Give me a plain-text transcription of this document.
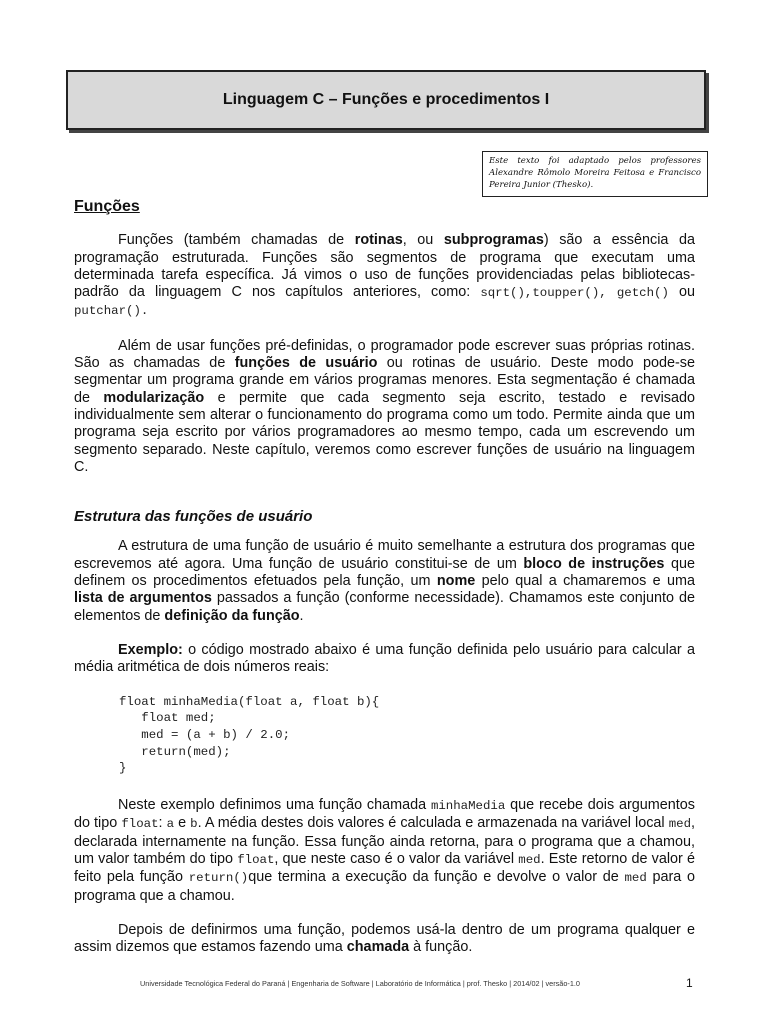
Linguagem C – Funções e procedimentos I
Este texto foi adaptado pelos professores Alexandre Rômolo Moreira Feitosa e Francisco Pereira Junior (Thesko).
Funções

Funções (também chamadas de rotinas, ou subprogramas) são a essência da programação estruturada. Funções são segmentos de programa que executam uma determinada tarefa específica. Já vimos o uso de funções providenciadas pelas bibliotecas-padrão da linguagem C nos capítulos anteriores, como: sqrt(),toupper(), getch() ou putchar().

Além de usar funções pré-definidas, o programador pode escrever suas próprias rotinas. São as chamadas de funções de usuário ou rotinas de usuário. Deste modo pode-se segmentar um programa grande em vários programas menores. Esta segmentação é chamada de modularização e permite que cada segmento seja escrito, testado e revisado individualmente sem alterar o funcionamento do programa como um todo. Permite ainda que um programa seja escrito por vários programadores ao mesmo tempo, cada um escrevendo um segmento separado. Neste capítulo, veremos como escrever funções de usuário na linguagem C.

Estrutura das funções de usuário

A estrutura de uma função de usuário é muito semelhante a estrutura dos programas que escrevemos até agora. Uma função de usuário constitui-se de um bloco de instruções que definem os procedimentos efetuados pela função, um nome pelo qual a chamaremos e uma lista de argumentos passados a função (conforme necessidade). Chamamos este conjunto de elementos de definição da função.

Exemplo: o código mostrado abaixo é uma função definida pelo usuário para calcular a média aritmética de dois números reais:

float minhaMedia(float a, float b){
float med;
med = (a + b) / 2.0;
return(med);
}

Neste exemplo definimos uma função chamada minhaMedia que recebe dois argumentos do tipo float: a e b. A média destes dois valores é calculada e armazenada na variável local med, declarada internamente na função. Essa função ainda retorna, para o programa que a chamou, um valor também do tipo float, que neste caso é o valor da variável med. Este retorno de valor é feito pela função return()que termina a execução da função e devolve o valor de med para o programa que a chamou.

Depois de definirmos uma função, podemos usá-la dentro de um programa qualquer e assim dizemos que estamos fazendo uma chamada à função.

Universidade Tecnológica Federal do Paraná | Engenharia de Software | Laboratório de Informática | prof. Thesko | 2014/02 | versão-1.0	1
